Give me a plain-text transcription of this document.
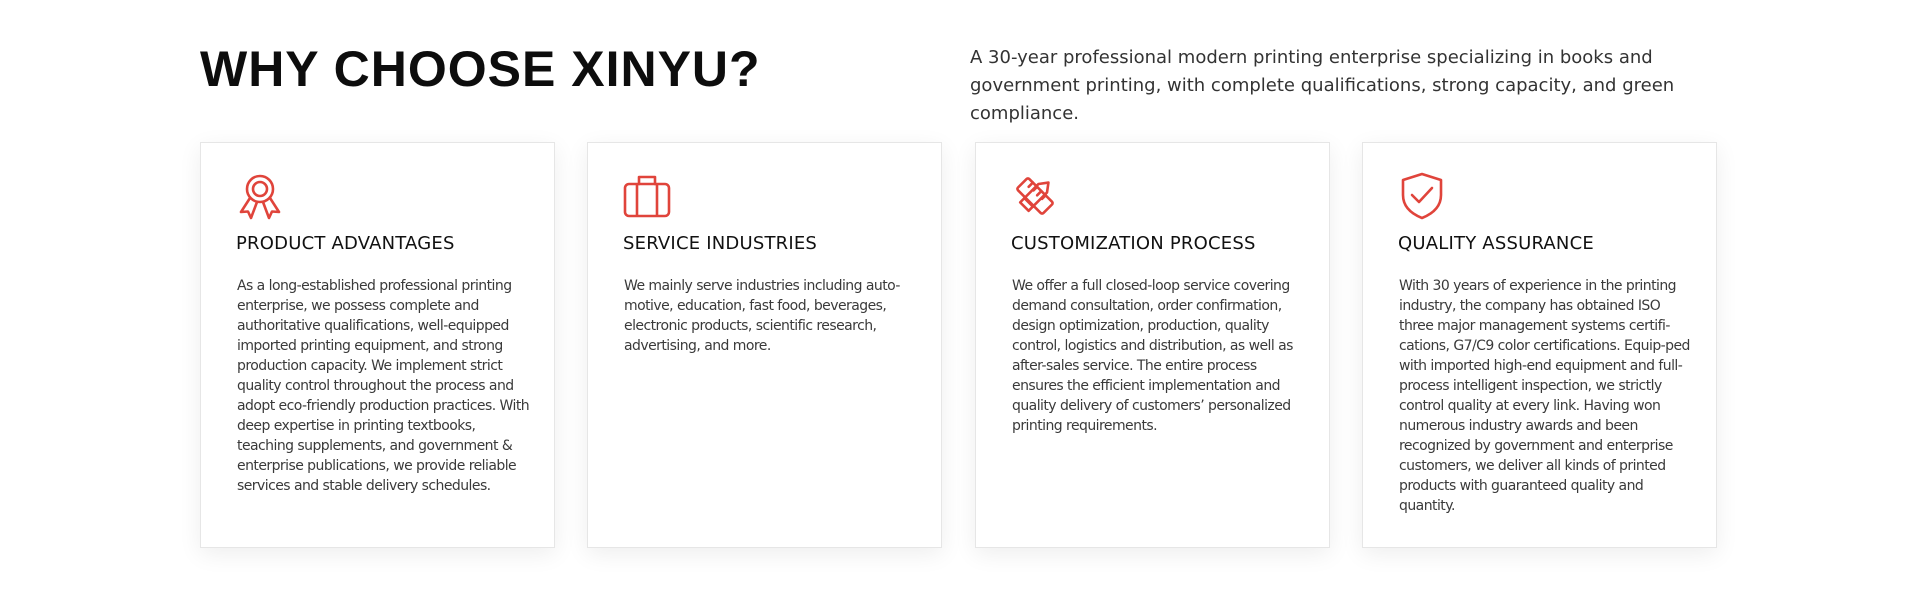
WHY CHOOSE XINYU?	A 30-year professional modern printing enterprise specializing in books and government printing, with complete qualifications, strong capacity, and green compliance.

PRODUCT ADVANTAGES

As a long-established professional printing enterprise, we possess complete and authoritative qualifications, well-equipped imported printing equipment, and strong production capacity. We implement strict quality control throughout the process and adopt eco-friendly production practices. With deep expertise in printing textbooks, teaching supplements, and government & enterprise publications, we provide reliable services and stable delivery schedules.

SERVICE INDUSTRIES

We mainly serve industries including auto-motive, education, fast food, beverages, electronic products, scientific research, advertising, and more.

CUSTOMIZATION PROCESS

We offer a full closed-loop service covering demand consultation, order confirmation, design optimization, production, quality control, logistics and distribution, as well as after-sales service. The entire process ensures the efficient implementation and quality delivery of customers’ personalized printing requirements.

QUALITY ASSURANCE

With 30 years of experience in the printing industry, the company has obtained ISO three major management systems certifi-cations, G7/C9 color certifications. Equip-ped with imported high-end equipment and full-process intelligent inspection, we strictly control quality at every link. Having won numerous industry awards and been recognized by government and enterprise customers, we deliver all kinds of printed products with guaranteed quality and quantity.
